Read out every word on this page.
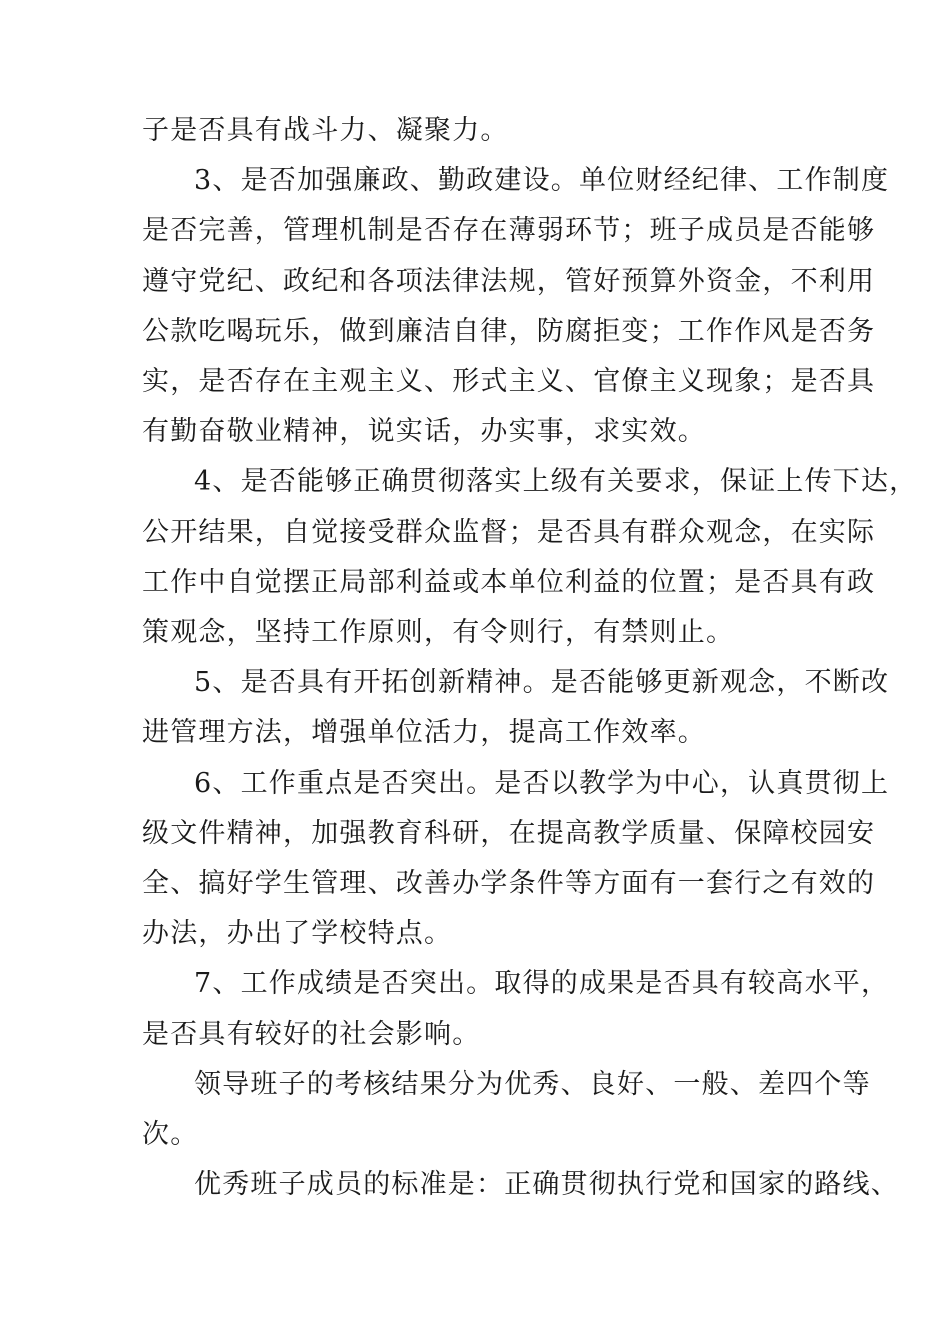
子是否具有战斗力、凝聚力。
3、是否加强廉政、勤政建设。单位财经纪律、工作制度
是否完善，管理机制是否存在薄弱环节；班子成员是否能够
遵守党纪、政纪和各项法律法规，管好预算外资金，不利用
公款吃喝玩乐，做到廉洁自律，防腐拒变；工作作风是否务
实，是否存在主观主义、形式主义、官僚主义现象；是否具
有勤奋敬业精神，说实话，办实事，求实效。
4、是否能够正确贯彻落实上级有关要求，保证上传下达，
公开结果，自觉接受群众监督；是否具有群众观念，在实际
工作中自觉摆正局部利益或本单位利益的位置；是否具有政
策观念，坚持工作原则，有令则行，有禁则止。
5、是否具有开拓创新精神。是否能够更新观念，不断改
进管理方法，增强单位活力，提高工作效率。
6、工作重点是否突出。是否以教学为中心，认真贯彻上
级文件精神，加强教育科研，在提高教学质量、保障校园安
全、搞好学生管理、改善办学条件等方面有一套行之有效的
办法，办出了学校特点。
7、工作成绩是否突出。取得的成果是否具有较高水平，
是否具有较好的社会影响。
领导班子的考核结果分为优秀、良好、一般、差四个等
次。
优秀班子成员的标准是：正确贯彻执行党和国家的路线、
